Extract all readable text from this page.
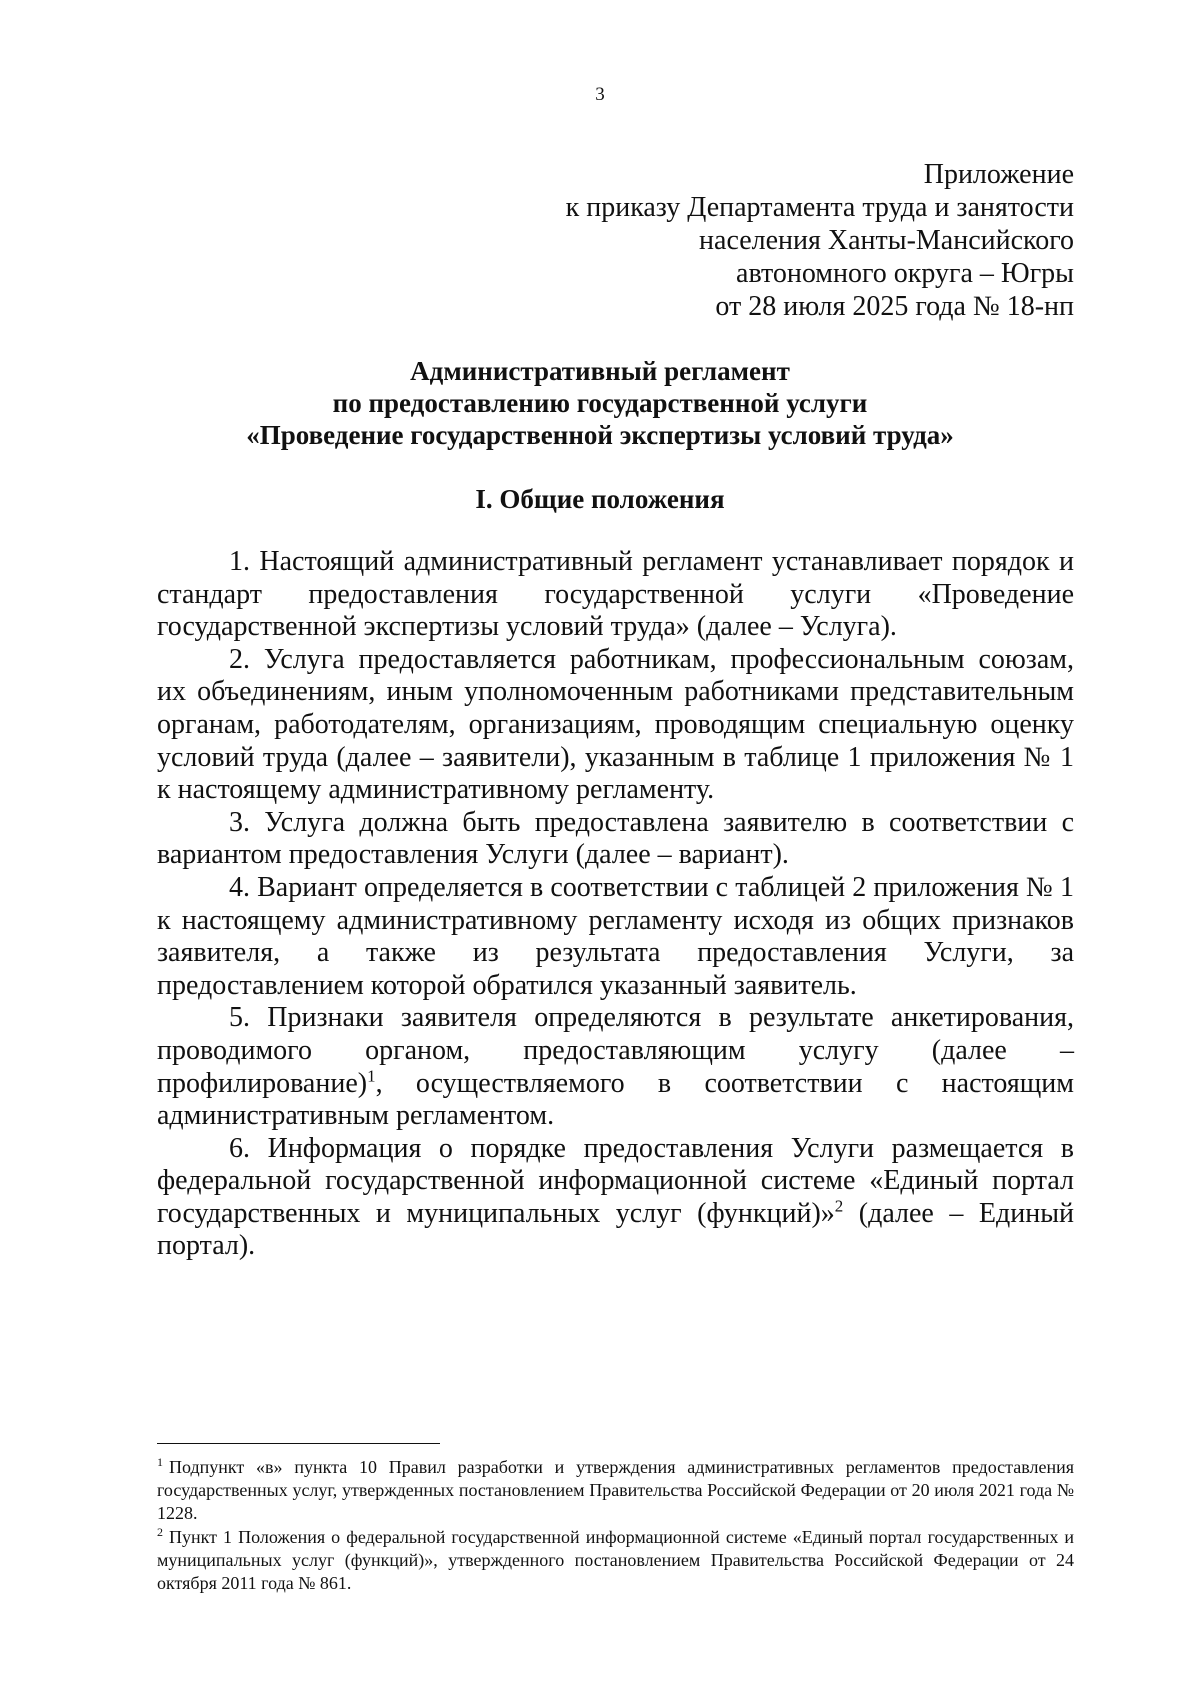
3
Приложение
к приказу Департамента труда и занятости
населения Ханты-Мансийского
автономного округа – Югры
от 28 июля 2025 года № 18-нп
Административный регламент
по предоставлению государственной услуги
«Проведение государственной экспертизы условий труда»
I. Общие положения

1. Настоящий административный регламент устанавливает порядок и стандарт предоставления государственной услуги «Проведение государственной экспертизы условий труда» (далее – Услуга).

2. Услуга предоставляется работникам, профессиональным союзам, их объединениям, иным уполномоченным работниками представительным органам, работодателям, организациям, проводящим специальную оценку условий труда (далее – заявители), указанным в таблице 1 приложения № 1 к настоящему административному регламенту.

3. Услуга должна быть предоставлена заявителю в соответствии с вариантом предоставления Услуги (далее – вариант).

4. Вариант определяется в соответствии с таблицей 2 приложения № 1 к настоящему административному регламенту исходя из общих признаков заявителя, а также из результата предоставления Услуги, за предоставлением которой обратился указанный заявитель.

5. Признаки заявителя определяются в результате анкетирования, проводимого органом, предоставляющим услугу (далее – профилирование)$^1$, осуществляемого в соответствии с настоящим административным регламентом.

6. Информация о порядке предоставления Услуги размещается в федеральной государственной информационной системе «Единый портал государственных и муниципальных услуг (функций)»$^2$ (далее – Единый портал).

$^1$ Подпункт «в» пункта 10 Правил разработки и утверждения административных регламентов предоставления государственных услуг, утвержденных постановлением Правительства Российской Федерации от 20 июля 2021 года № 1228.

$^2$ Пункт 1 Положения о федеральной государственной информационной системе «Единый портал государственных и муниципальных услуг (функций)», утвержденного постановлением Правительства Российской Федерации от 24 октября 2011 года № 861.
